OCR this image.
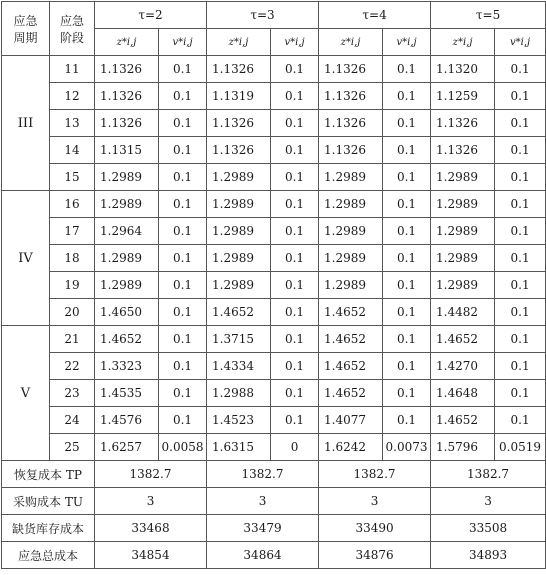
应急
周期	应急
阶段	τ=2		τ=3		τ=4		τ=5	
		z*i,j	v*i,j	z*i,j	v*i,j	z*i,j	v*i,j	z*i,j	v*i,j
III	11	1.1326	0.1	1.1326	0.1	1.1326	0.1	1.1320	0.1
	12	1.1326	0.1	1.1319	0.1	1.1326	0.1	1.1259	0.1
	13	1.1326	0.1	1.1326	0.1	1.1326	0.1	1.1326	0.1
	14	1.1315	0.1	1.1326	0.1	1.1326	0.1	1.1326	0.1
	15	1.2989	0.1	1.2989	0.1	1.2989	0.1	1.2989	0.1
IV	16	1.2989	0.1	1.2989	0.1	1.2989	0.1	1.2989	0.1
	17	1.2964	0.1	1.2989	0.1	1.2989	0.1	1.2989	0.1
	18	1.2989	0.1	1.2989	0.1	1.2989	0.1	1.2989	0.1
	19	1.2989	0.1	1.2989	0.1	1.2989	0.1	1.2989	0.1
	20	1.4650	0.1	1.4652	0.1	1.4652	0.1	1.4482	0.1
V	21	1.4652	0.1	1.3715	0.1	1.4652	0.1	1.4652	0.1
	22	1.3323	0.1	1.4334	0.1	1.4652	0.1	1.4270	0.1
	23	1.4535	0.1	1.2988	0.1	1.4652	0.1	1.4648	0.1
	24	1.4576	0.1	1.4523	0.1	1.4077	0.1	1.4652	0.1
	25	1.6257	0.0058	1.6315	0	1.6242	0.0073	1.5796	0.0519
恢复成本 TP		1382.7		1382.7		1382.7		1382.7	
采购成本 TU		3		3		3		3	
缺货库存成本		33468		33479		33490		33508	
应急总成本		34854		34864		34876		34893	
